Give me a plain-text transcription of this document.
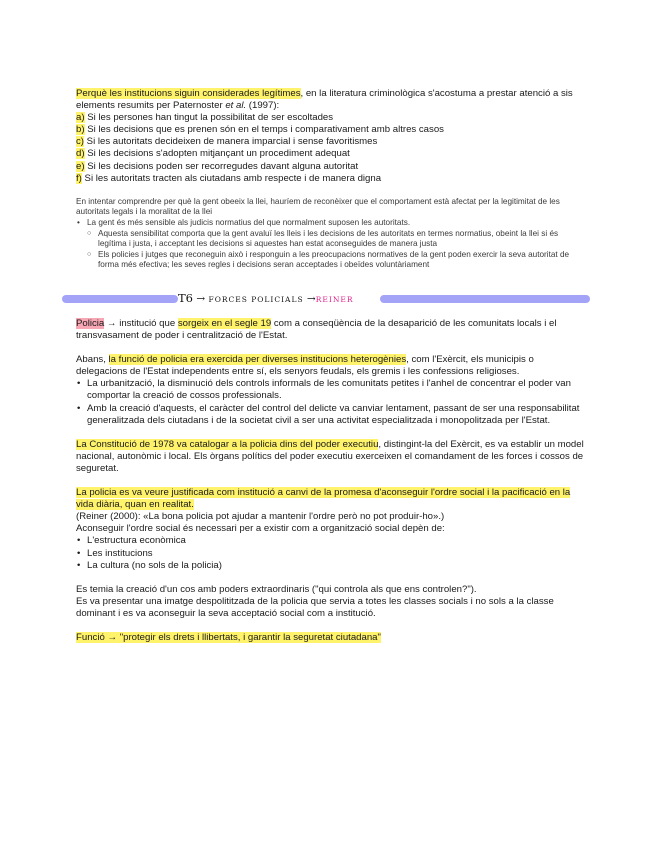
Perquè les institucions siguin considerades legítimes, en la literatura criminològica s'acostuma a prestar atenció a sis elements resumits per Paternoster et al. (1997):

a) Si les persones han tingut la possibilitat de ser escoltades
b) Si les decisions que es prenen són en el temps i comparativament amb altres casos
c) Si les autoritats decideixen de manera imparcial i sense favoritismes
d) Si les decisions s'adopten mitjançant un procediment adequat
e) Si les decisions poden ser recorregudes davant alguna autoritat
f) Si les autoritats tracten als ciutadans amb respecte i de manera digna

En intentar comprendre per què la gent obeeix la llei, hauríem de reconèixer que el comportament està afectat per la legitimitat de les autoritats legals i la moralitat de la llei

• La gent és més sensible als judicis normatius del que normalment suposen les autoritats.
○ Aquesta sensibilitat comporta que la gent avaluï les lleis i les decisions de les autoritats en termes normatius, obeint la llei si és legítima i justa, i acceptant les decisions si aquestes han estat aconseguides de manera justa
○ Els policies i jutges que reconeguin això i responguin a les preocupacions normatives de la gent poden exercir la seva autoritat de forma més efectiva; les seves regles i decisions seran acceptades i obeïdes voluntàriament
T6 → FORCES POLICIALS →REINER

Policia → institució que sorgeix en el segle 19 com a conseqüència de la desaparició de les comunitats locals i el transvasament de poder i centralització de l'Estat.

Abans, la funció de policia era exercida per diverses institucions heterogènies, com l'Exèrcit, els municipis o delegacions de l'Estat independents entre sí, els senyors feudals, els gremis i les confessions religioses.

• La urbanització, la disminució dels controls informals de les comunitats petites i l'anhel de concentrar el poder van comportar la creació de cossos professionals.
• Amb la creació d'aquests, el caràcter del control del delicte va canviar lentament, passant de ser una responsabilitat generalitzada dels ciutadans i de la societat civil a ser una activitat especialitzada i monopolitzada per l'Estat.

La Constitució de 1978 va catalogar a la policia dins del poder executiu, distingint-la del Exèrcit, es va establir un model nacional, autonòmic i local. Els òrgans polítics del poder executiu exerceixen el comandament de les forces i cossos de seguretat.

La policia es va veure justificada com institució a canvi de la promesa d'aconseguir l'ordre social i la pacificació en la vida diària, quan en realitat.

(Reiner (2000): «La bona policia pot ajudar a mantenir l'ordre però no pot produir-ho».)

Aconseguir l'ordre social és necessari per a existir com a organització social depèn de:

• L'estructura econòmica
• Les institucions
• La cultura (no sols de la policia)

Es temia la creació d'un cos amb poders extraordinaris ("qui controla als que ens controlen?").

Es va presentar una imatge despolititzada de la policia que servia a totes les classes socials i no sols a la classe dominant i es va aconseguir la seva acceptació social com a institució.

Funció → "protegir els drets i llibertats, i garantir la seguretat ciutadana"
